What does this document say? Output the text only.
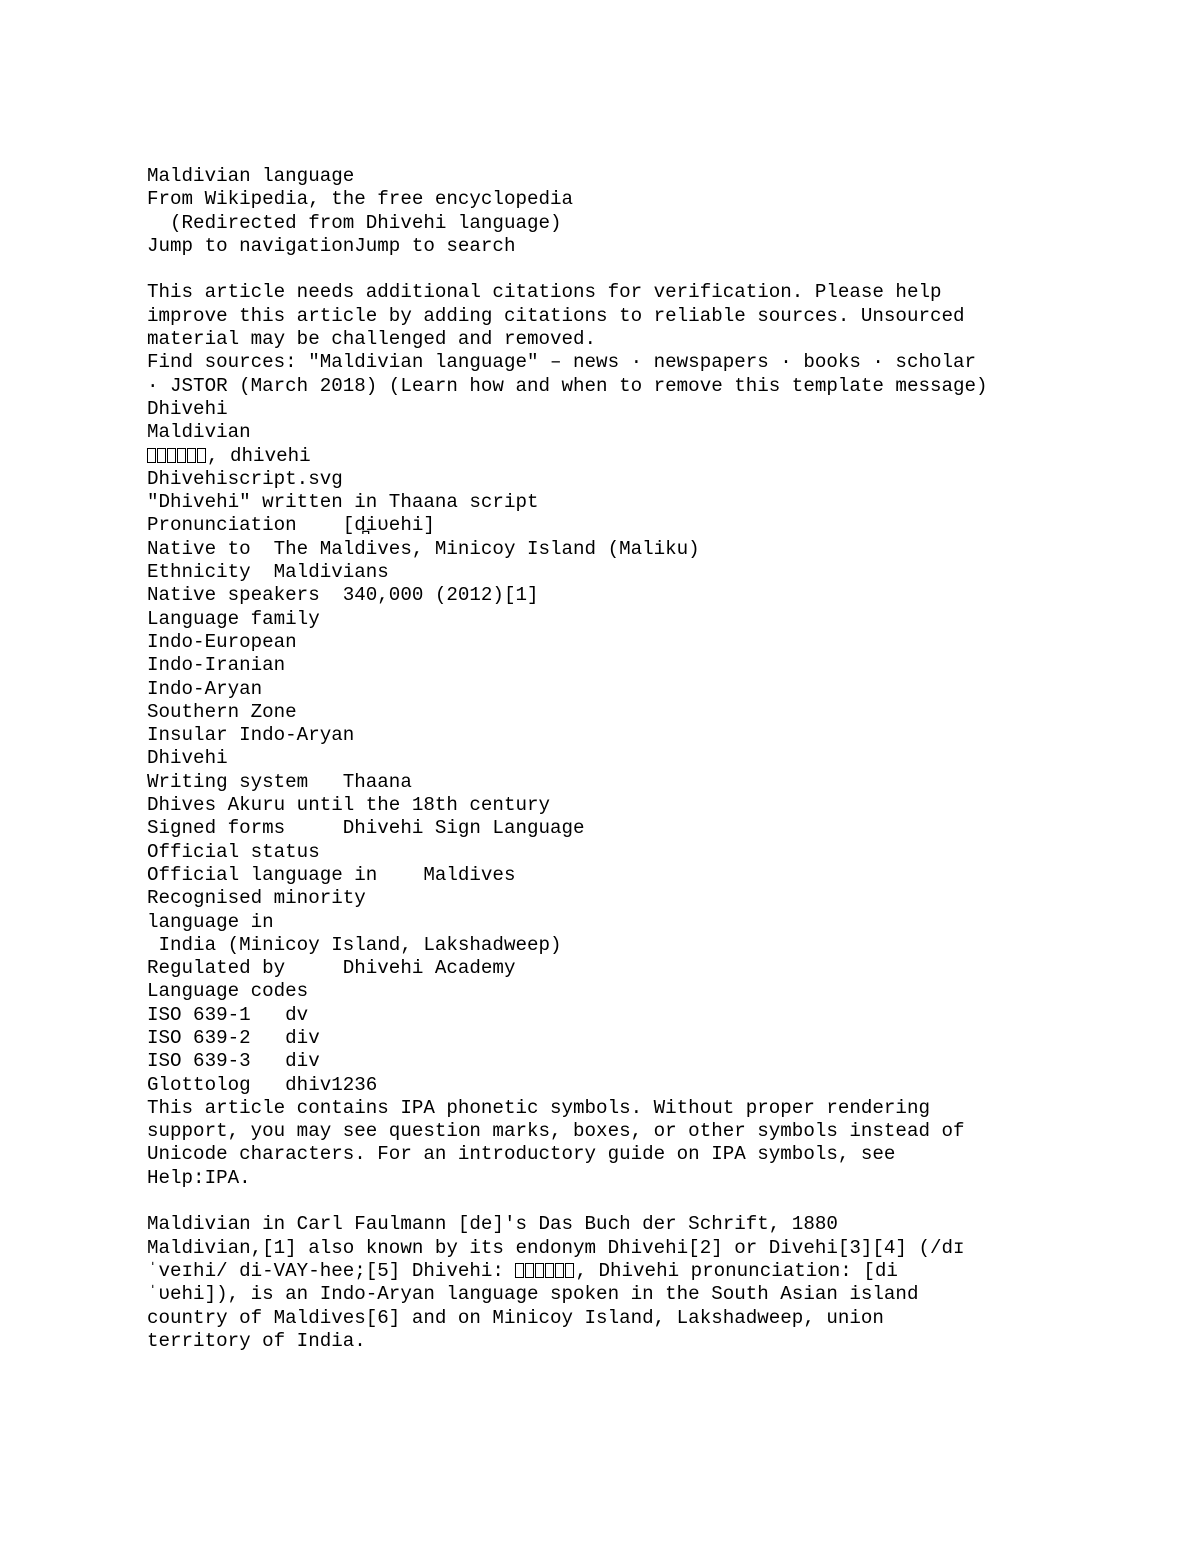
Maldivian language
From Wikipedia, the free encyclopedia
(Redirected from Dhivehi language)
Jump to navigationJump to search
This article needs additional citations for verification. Please help
improve this article by adding citations to reliable sources. Unsourced
material may be challenged and removed.
Find sources: "Maldivian language" – news · newspapers · books · scholar
· JSTOR (March 2018) (Learn how and when to remove this template message)
Dhivehi
Maldivian
, dhivehi
Dhivehiscript.svg
"Dhivehi" written in Thaana script
Pronunciation    [d̪iʋehi]
Native to  The Maldives, Minicoy Island (Maliku)
Ethnicity  Maldivians
Native speakers  340,000 (2012)[1]
Language family
Indo-European
Indo-Iranian
Indo-Aryan
Southern Zone
Insular Indo-Aryan
Dhivehi
Writing system   Thaana
Dhives Akuru until the 18th century
Signed forms     Dhivehi Sign Language
Official status
Official language in    Maldives
Recognised minority
language in
India (Minicoy Island, Lakshadweep)
Regulated by     Dhivehi Academy
Language codes
ISO 639-1   dv
ISO 639-2   div
ISO 639-3   div
Glottolog   dhiv1236
This article contains IPA phonetic symbols. Without proper rendering
support, you may see question marks, boxes, or other symbols instead of
Unicode characters. For an introductory guide on IPA symbols, see
Help:IPA.
Maldivian in Carl Faulmann [de]'s Das Buch der Schrift, 1880
Maldivian,[1] also known by its endonym Dhivehi[2] or Divehi[3][4] (/dɪ
ˈveɪhi/ di-VAY-hee;[5] Dhivehi:	, Dhivehi pronunciation: [di
ˈʋehi]), is an Indo-Aryan language spoken in the South Asian island
country of Maldives[6] and on Minicoy Island, Lakshadweep, union
territory of India.
